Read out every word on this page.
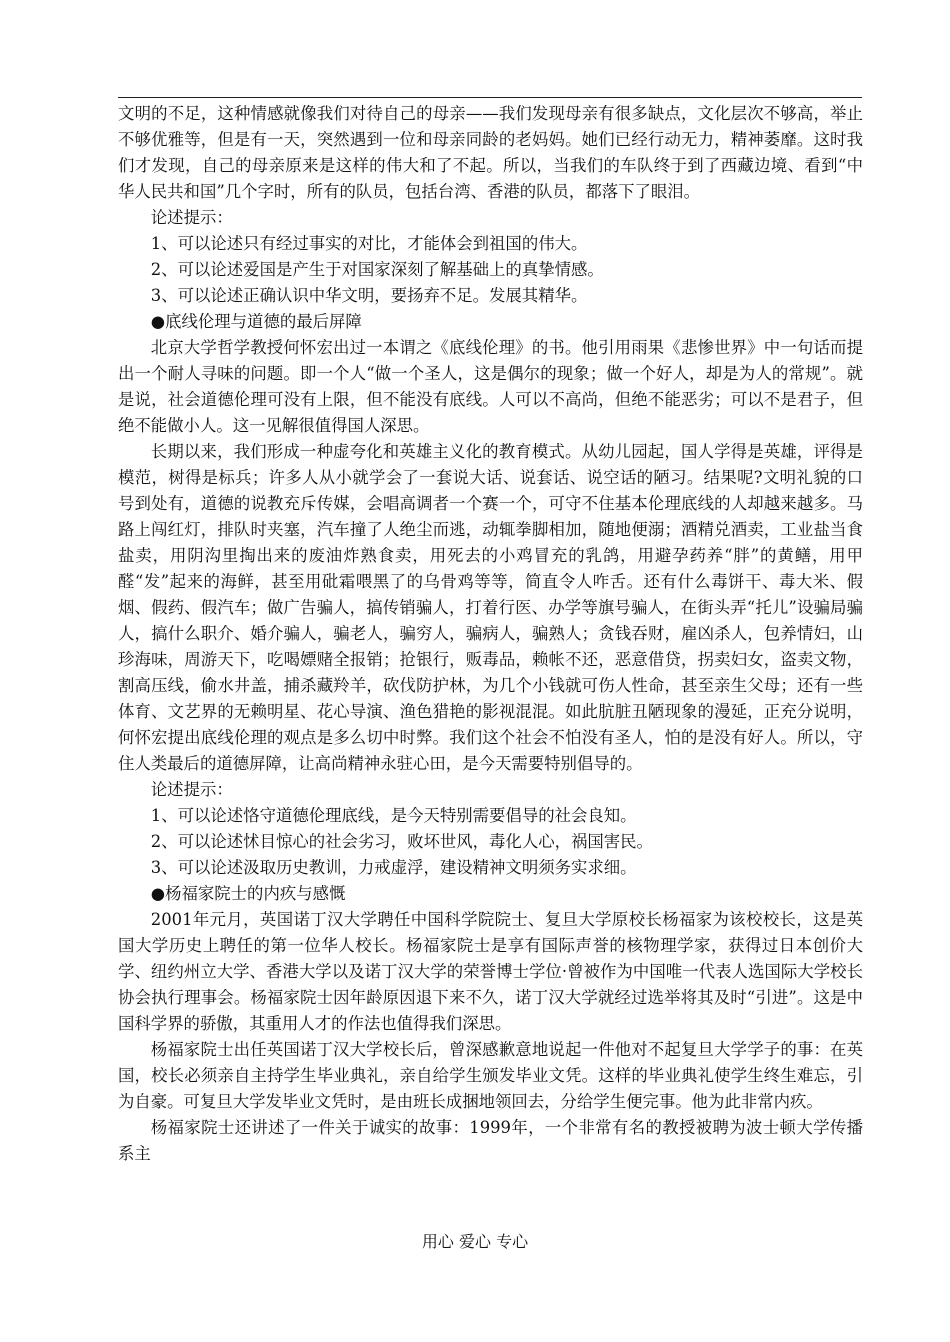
文明的不足，这种情感就像我们对待自己的母亲——我们发现母亲有很多缺点，文化层次不够高，举止不够优雅等，但是有一天，突然遇到一位和母亲同龄的老妈妈。她们已经行动无力，精神萎靡。这时我们才发现，自己的母亲原来是这样的伟大和了不起。所以，当我们的车队终于到了西藏边境、看到“中华人民共和国”几个字时，所有的队员，包括台湾、香港的队员，都落下了眼泪。

论述提示：

1、可以论述只有经过事实的对比，才能体会到祖国的伟大。

2、可以论述爱国是产生于对国家深刻了解基础上的真挚情感。

3、可以论述正确认识中华文明，要扬弃不足。发展其精华。

●底线伦理与道德的最后屏障

北京大学哲学教授何怀宏出过一本谓之《底线伦理》的书。他引用雨果《悲惨世界》中一句话而提出一个耐人寻味的问题。即一个人“做一个圣人，这是偶尔的现象；做一个好人，却是为人的常规”。就是说，社会道德伦理可没有上限，但不能没有底线。人可以不高尚，但绝不能恶劣；可以不是君子，但绝不能做小人。这一见解很值得国人深思。

长期以来，我们形成一种虚夸化和英雄主义化的教育模式。从幼儿园起，国人学得是英雄，评得是模范，树得是标兵；许多人从小就学会了一套说大话、说套话、说空话的陋习。结果呢?文明礼貌的口号到处有，道德的说教充斥传媒，会唱高调者一个赛一个，可守不住基本伦理底线的人却越来越多。马路上闯红灯，排队时夹塞，汽车撞了人绝尘而逃，动辄拳脚相加，随地便溺；酒精兑酒卖，工业盐当食盐卖，用阴沟里掏出来的废油炸熟食卖，用死去的小鸡冒充的乳鸽，用避孕药养“胖”的黄鳝，用甲醛“发”起来的海鲜，甚至用砒霜喂黑了的乌骨鸡等等，简直令人咋舌。还有什么毒饼干、毒大米、假烟、假药、假汽车；做广告骗人，搞传销骗人，打着行医、办学等旗号骗人，在街头弄“托儿”设骗局骗人，搞什么职介、婚介骗人，骗老人，骗穷人，骗病人，骗熟人；贪钱吞财，雇凶杀人，包养情妇，山珍海味，周游天下，吃喝嫖赌全报销；抢银行，贩毒品，赖帐不还，恶意借贷，拐卖妇女，盗卖文物，割高压线，偷水井盖，捕杀藏羚羊，砍伐防护林，为几个小钱就可伤人性命，甚至亲生父母；还有一些体育、文艺界的无赖明星、花心导演、渔色猎艳的影视混混。如此肮脏丑陋现象的漫延，正充分说明，何怀宏提出底线伦理的观点是多么切中时弊。我们这个社会不怕没有圣人，怕的是没有好人。所以，守住人类最后的道德屏障，让高尚精神永驻心田，是今天需要特别倡导的。

论述提示：

1、可以论述恪守道德伦理底线，是今天特别需要倡导的社会良知。

2、可以论述怵目惊心的社会劣习，败坏世风，毒化人心，祸国害民。

3、可以论述汲取历史教训，力戒虚浮，建设精神文明须务实求细。

●杨福家院士的内疚与感慨

2001年元月，英国诺丁汉大学聘任中国科学院院士、复旦大学原校长杨福家为该校校长，这是英国大学历史上聘任的第一位华人校长。杨福家院士是享有国际声誉的核物理学家，获得过日本创价大学、纽约州立大学、香港大学以及诺丁汉大学的荣誉博士学位·曾被作为中国唯一代表人选国际大学校长协会执行理事会。杨福家院士因年龄原因退下来不久，诺丁汉大学就经过选举将其及时“引进”。这是中国科学界的骄傲，其重用人才的作法也值得我们深思。

杨福家院士出任英国诺丁汉大学校长后，曾深感歉意地说起一件他对不起复旦大学学子的事：在英国，校长必须亲自主持学生毕业典礼，亲自给学生颁发毕业文凭。这样的毕业典礼使学生终生难忘，引为自豪。可复旦大学发毕业文凭时，是由班长成捆地领回去，分给学生便完事。他为此非常内疚。

杨福家院士还讲述了一件关于诚实的故事：1999年，一个非常有名的教授被聘为波士顿大学传播系主

用心 爱心 专心
